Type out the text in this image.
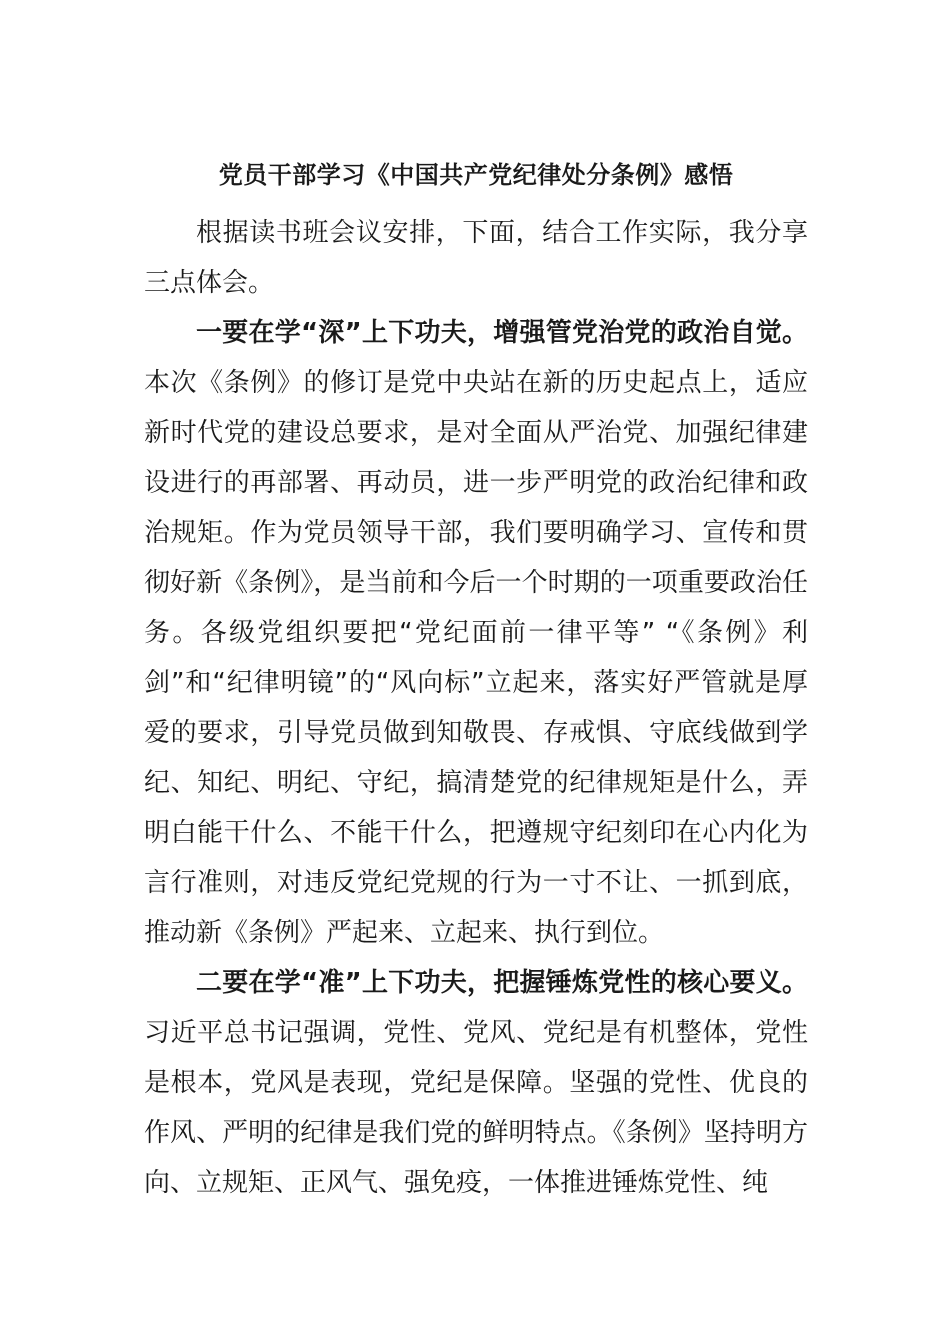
党员干部学习《中国共产党纪律处分条例》感悟

根据读书班会议安排，下面，结合工作实际，我分享三点体会。

一要在学“深”上下功夫，增强管党治党的政治自觉。本次《条例》的修订是党中央站在新的历史起点上，适应新时代党的建设总要求，是对全面从严治党、加强纪律建设进行的再部署、再动员，进一步严明党的政治纪律和政治规矩。作为党员领导干部，我们要明确学习、宣传和贯彻好新《条例》，是当前和今后一个时期的一项重要政治任务。各级党组织要把“党纪面前一律平等” “《条例》利剑”和“纪律明镜”的“风向标”立起来，落实好严管就是厚爱的要求，引导党员做到知敬畏、存戒惧、守底线做到学纪、知纪、明纪、守纪，搞清楚党的纪律规矩是什么，弄明白能干什么、不能干什么，把遵规守纪刻印在心内化为言行准则，对违反党纪党规的行为一寸不让、一抓到底，推动新《条例》严起来、立起来、执行到位。

二要在学“准”上下功夫，把握锤炼党性的核心要义。习近平总书记强调，党性、党风、党纪是有机整体，党性是根本，党风是表现，党纪是保障。坚强的党性、优良的作风、严明的纪律是我们党的鲜明特点。《条例》坚持明方向、立规矩、正风气、强免疫，一体推进锤炼党性、纯
